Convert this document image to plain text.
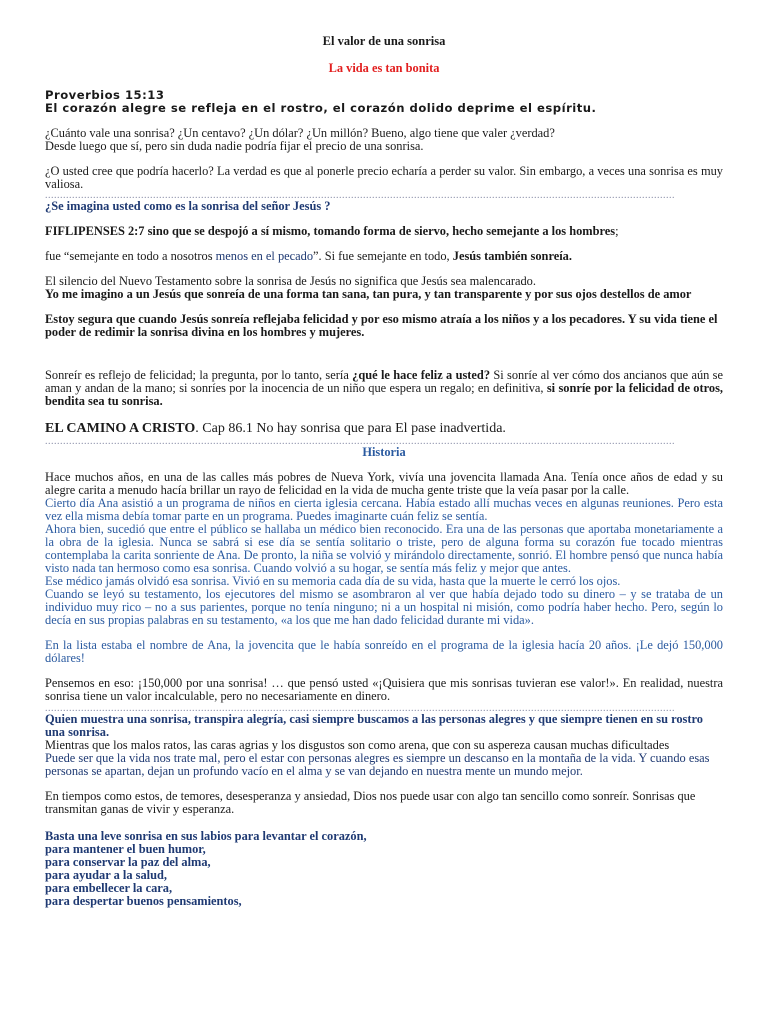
El valor de una sonrisa

La vida es tan bonita

Proverbios 15:13

El corazón alegre se refleja en el rostro, el corazón dolido deprime el espíritu.

¿Cuánto vale una sonrisa? ¿Un centavo? ¿Un dólar? ¿Un millón? Bueno, algo tiene que valer ¿verdad?

Desde luego que sí, pero sin duda nadie podría fijar el precio de una sonrisa.

¿O usted cree que podría hacerlo? La verdad es que al ponerle precio echaría a perder su valor. Sin embargo, a veces una sonrisa es muy valiosa.

..................................................................................................................................................................................................................

¿Se imagina usted como es la sonrisa del señor Jesús ?

FIFLIPENSES 2:7 sino que se despojó a sí mismo, tomando forma de siervo, hecho semejante a los hombres;

fue “semejante en todo a nosotros menos en el pecado”. Si fue semejante en todo, Jesús también sonreía.

El silencio del Nuevo Testamento sobre la sonrisa de Jesús no significa que Jesús sea malencarado.

Yo me imagino a un Jesús que sonreía de una forma tan sana, tan pura, y tan transparente y por sus ojos destellos de amor

Estoy segura que cuando Jesús sonreía reflejaba felicidad y por eso mismo atraía a los niños y a los pecadores. Y su vida tiene el poder de redimir la sonrisa divina en los hombres y mujeres.

Sonreír es reflejo de felicidad; la pregunta, por lo tanto, sería ¿qué le hace feliz a usted? Si sonríe al ver cómo dos ancianos que aún se aman y andan de la mano; si sonríes por la inocencia de un niño que espera un regalo; en definitiva, si sonríe por la felicidad de otros, bendita sea tu sonrisa.

EL CAMINO A CRISTO. Cap 86.1 No hay sonrisa que para El pase inadvertida.

..................................................................................................................................................................................................................

Historia

Hace muchos años, en una de las calles más pobres de Nueva York, vivía una jovencita llamada Ana. Tenía once años de edad y su alegre carita a menudo hacía brillar un rayo de felicidad en la vida de mucha gente triste que la veía pasar por la calle.

Cierto día Ana asistió a un programa de niños en cierta iglesia cercana. Había estado allí muchas veces en algunas reuniones. Pero esta vez ella misma debía tomar parte en un programa. Puedes imaginarte cuán feliz se sentía.

Ahora bien, sucedió que entre el público se hallaba un médico bien reconocido. Era una de las personas que aportaba monetariamente a la obra de la iglesia. Nunca se sabrá si ese día se sentía solitario o triste, pero de alguna forma su corazón fue tocado mientras contemplaba la carita sonriente de Ana. De pronto, la niña se volvió y mirándolo directamente, sonrió. El hombre pensó que nunca había visto nada tan hermoso como esa sonrisa. Cuando volvió a su hogar, se sentía más feliz y mejor que antes.

Ese médico jamás olvidó esa sonrisa. Vivió en su memoria cada día de su vida, hasta que la muerte le cerró los ojos.

Cuando se leyó su testamento, los ejecutores del mismo se asombraron al ver que había dejado todo su dinero – y se trataba de un individuo muy rico – no a sus parientes, porque no tenía ninguno; ni a un hospital ni misión, como podría haber hecho. Pero, según lo decía en sus propias palabras en su testamento, «a los que me han dado felicidad durante mi vida».

En la lista estaba el nombre de Ana, la jovencita que le había sonreído en el programa de la iglesia hacía 20 años. ¡Le dejó 150,000 dólares!

Pensemos en eso: ¡150,000 por una sonrisa! … que pensó usted «¡Quisiera que mis sonrisas tuvieran ese valor!». En realidad, nuestra sonrisa tiene un valor incalculable, pero no necesariamente en dinero.

..................................................................................................................................................................................................................

Quien muestra una sonrisa, transpira alegría, casi siempre buscamos a las personas alegres y que siempre tienen en su rostro una sonrisa.

Mientras que los malos ratos, las caras agrias y los disgustos son como arena, que con su aspereza causan muchas dificultades

Puede ser que la vida nos trate mal, pero el estar con personas alegres es siempre un descanso en la montaña de la vida. Y cuando esas personas se apartan, dejan un profundo vacío en el alma y se van dejando en nuestra mente un mundo mejor.

En tiempos como estos, de temores, desesperanza y ansiedad, Dios nos puede usar con algo tan sencillo como sonreír. Sonrisas que transmitan ganas de vivir y esperanza.

Basta una leve sonrisa en sus labios para levantar el corazón,

para mantener el buen humor,

para conservar la paz del alma,

para ayudar a la salud,

para embellecer la cara,

para despertar buenos pensamientos,
